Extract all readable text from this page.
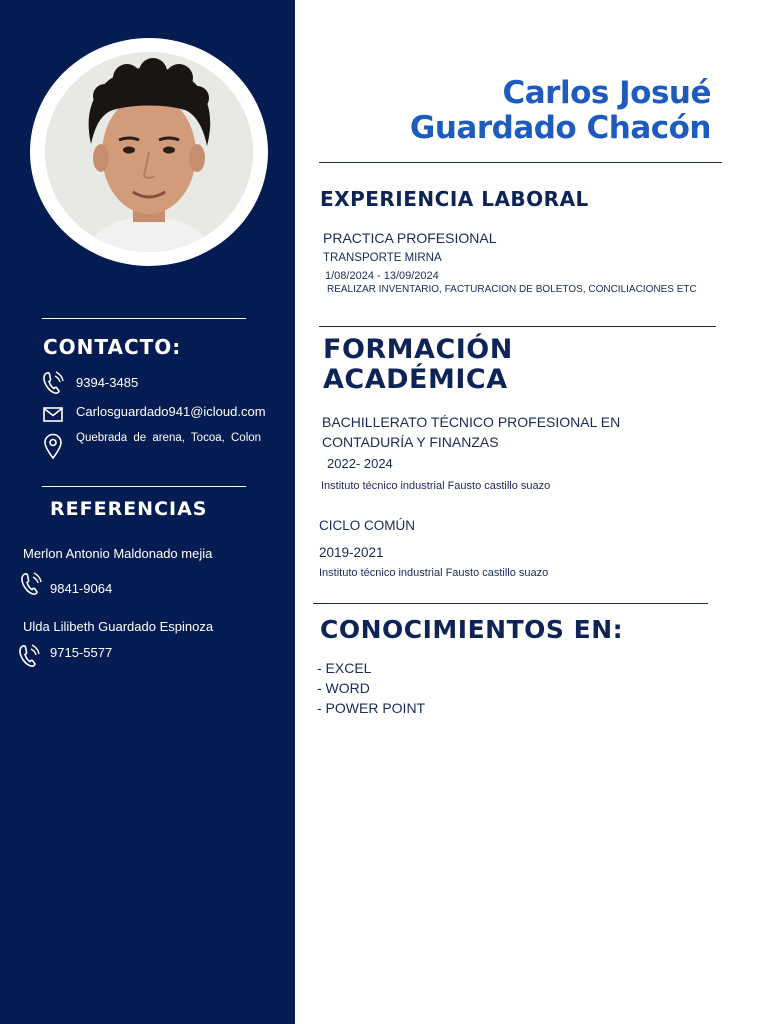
CONTACTO:
9394-3485
Carlosguardado941@icloud.com
Quebrada de arena, Tocoa, Colon
REFERENCIAS
Merlon Antonio Maldonado mejia
9841-9064
Ulda Lilibeth Guardado Espinoza
9715-5577
Carlos Josué
Guardado Chacón
EXPERIENCIA LABORAL
PRACTICA PROFESIONAL
TRANSPORTE MIRNA
1/08/2024 - 13/09/2024
REALIZAR INVENTARIO, FACTURACION DE BOLETOS, CONCILIACIONES ETC
FORMACIÓN
ACADÉMICA
BACHILLERATO TÉCNICO PROFESIONAL EN
CONTADURÍA Y FINANZAS
2022- 2024
Instituto técnico industrial Fausto castillo suazo
CICLO COMÚN
2019-2021
Instituto técnico industrial Fausto castillo suazo
CONOCIMIENTOS EN:
- EXCEL
- WORD
- POWER POINT
